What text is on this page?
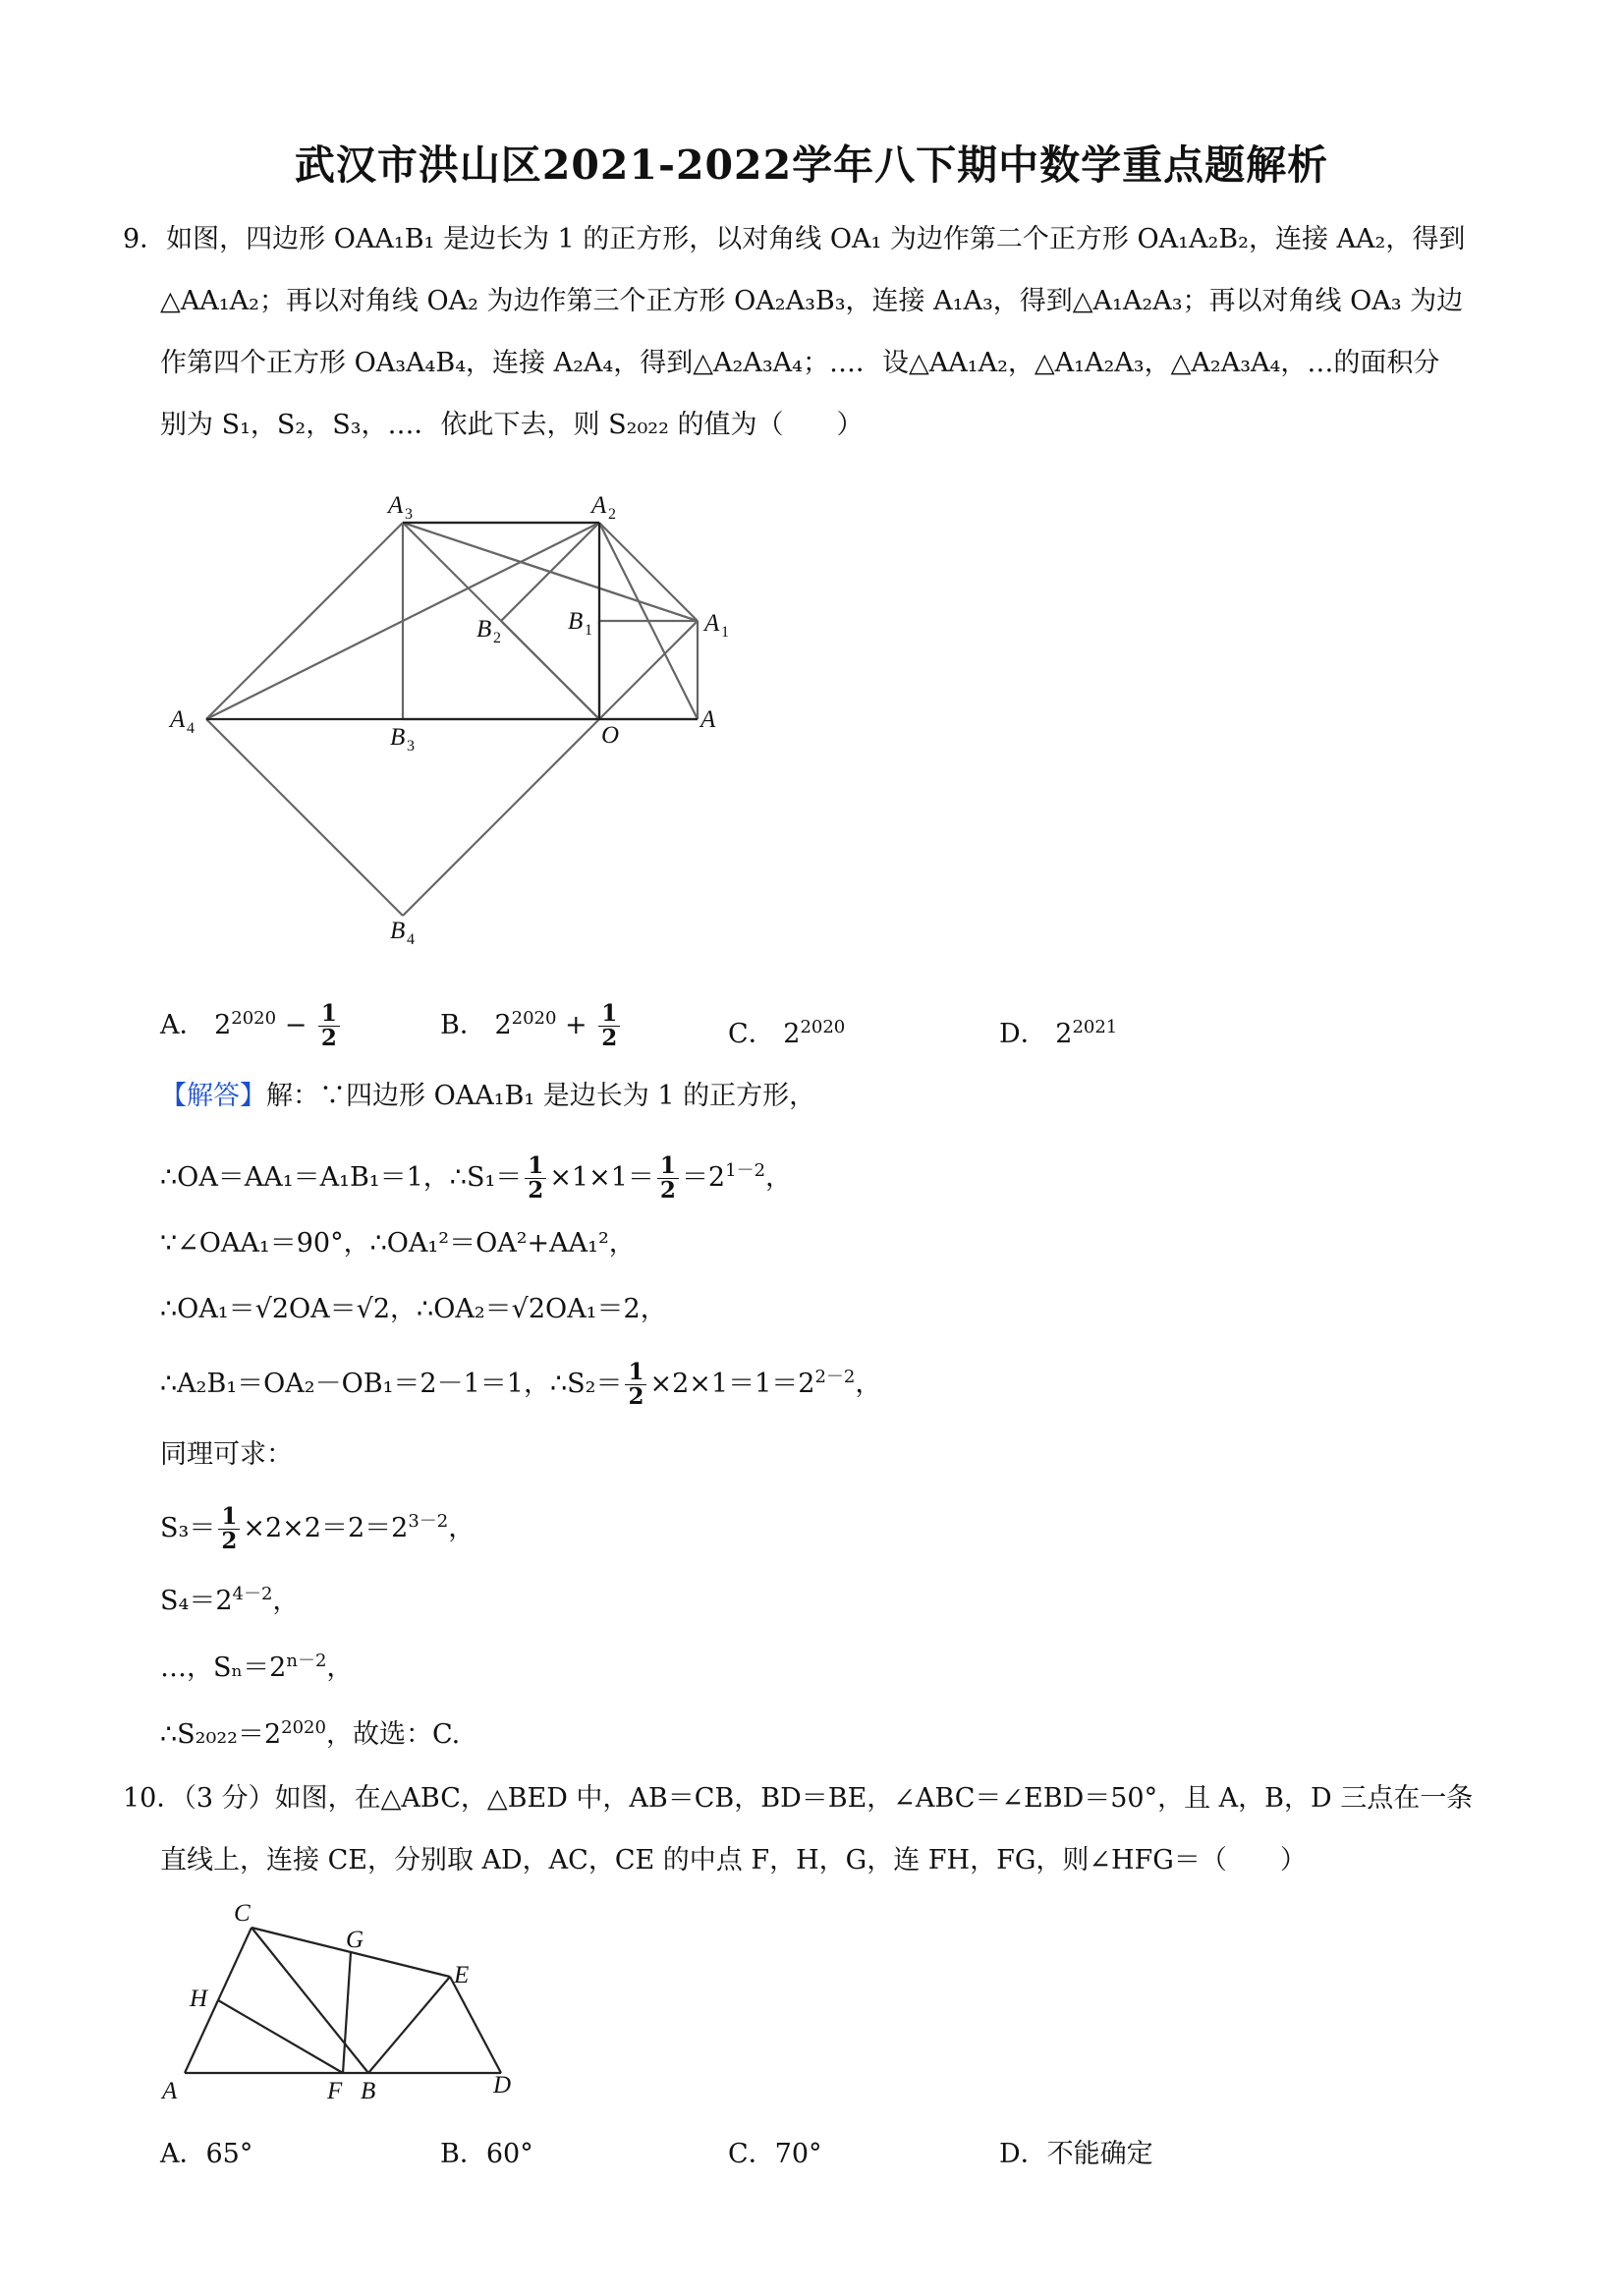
武汉市洪山区2021-2022学年八下期中数学重点题解析
9．如图，四边形 OAA₁B₁ 是边长为 1 的正方形，以对角线 OA₁ 为边作第二个正方形 OA₁A₂B₂，连接 AA₂，得到
△AA₁A₂；再以对角线 OA₂ 为边作第三个正方形 OA₂A₃B₃，连接 A₁A₃，得到△A₁A₂A₃；再以对角线 OA₃ 为边
作第四个正方形 OA₃A₄B₄，连接 A₂A₄，得到△A₂A₃A₄；…．设△AA₁A₂，△A₁A₂A₃，△A₂A₃A₄，…的面积分
别为 S₁，S₂，S₃，…．依此下去，则 S₂₀₂₂ 的值为（　　）
A 3	A 2
B 2
B 1	A 1
A 4	B 3	O
A
B 4
A． $2^{2020} - \frac{1}{2}$	B． $2^{2020} + \frac{1}{2}$	C． $2^{2020}$	D． $2^{2021}$
【解答】解：∵四边形 OAA₁B₁ 是边长为 1 的正方形，
∴OA＝AA₁＝A₁B₁＝1，∴S₁＝ $\frac{1}{2} \times 1\times 1= \frac{1}{2} =2^{1-2}$，
∵∠OAA₁＝90°，∴OA₁²＝OA²+AA₁²，
∴OA₁＝√2OA＝√2，∴OA₂＝√2OA₁＝2，
∴A₂B₁＝OA₂－OB₁＝2－1＝1，∴S₂＝ $\frac{1}{2} \times 2\times 1=1=2^{2-2}$，
同理可求：
$S_3= \frac{1}{2} \times 2\times 2=2=2^{3-2}$，
$S_4=2^{4-2}$，
…，$S_n=2^{n-2}$，
$\therefore S_{2022}=2^{2020}$，故选：C.
10．（3 分）如图，在△ABC，△BED 中，AB＝CB，BD＝BE，∠ABC＝∠EBD＝50°，且 A，B，D 三点在一条
直线上，连接 CE，分别取 AD，AC，CE 的中点 F，H，G，连 FH，FG，则∠HFG＝（　　）
C
G
E
H
A	F B	D
A．65°	B．60°	C．70°	D．不能确定
